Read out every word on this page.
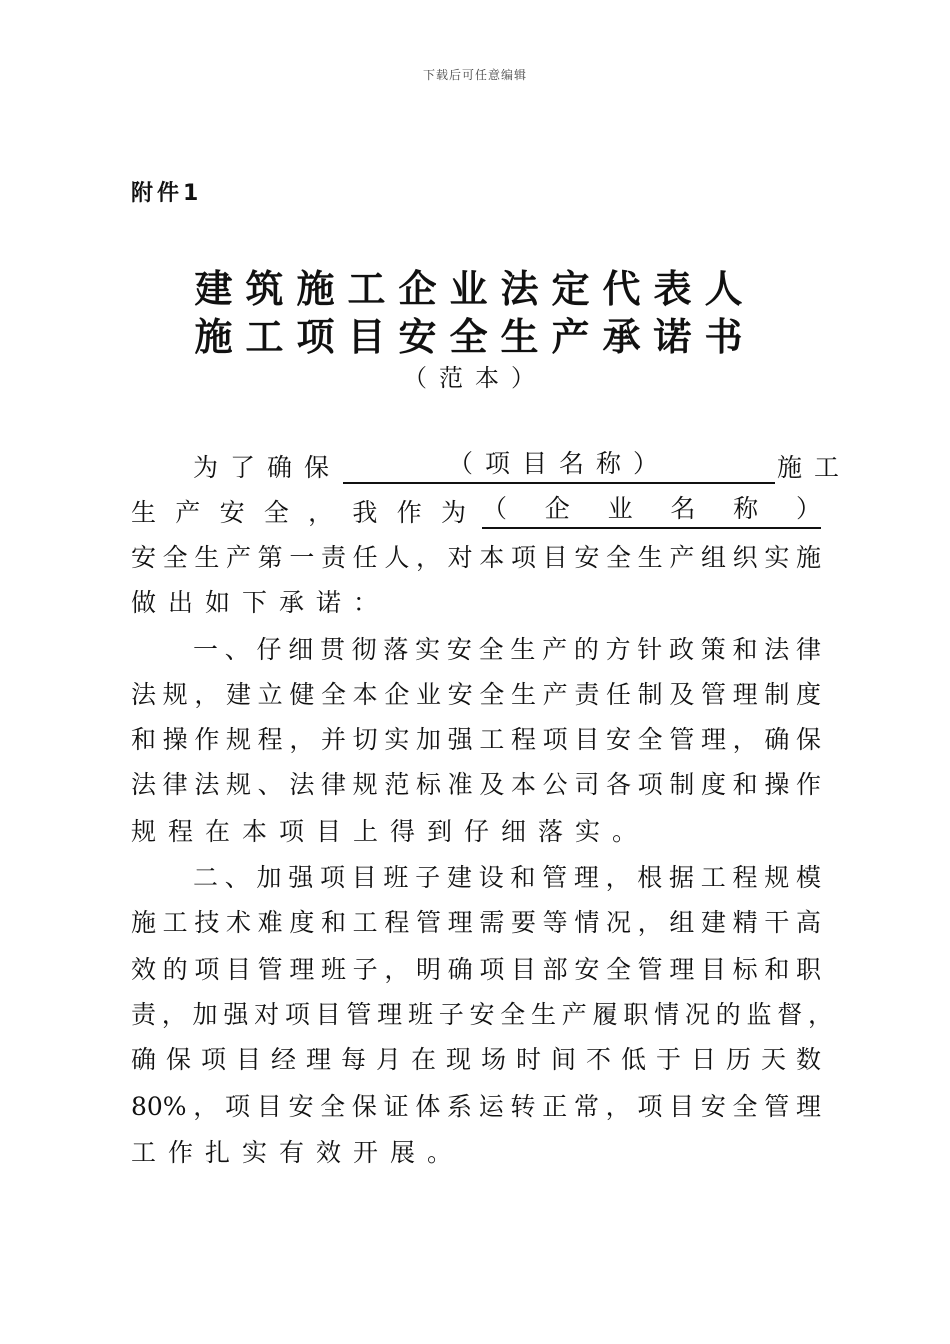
下载后可任意编辑
附件1
建筑施工企业法定代表人
施工项目安全生产承诺书
（范本）
为了确保	（项目名称）	施工
生产安全，我作为 （ 企 业 名 称 ）
安全生产第一责任人，对本项目安全生产组织实施
做出如下承诺：
一、仔细贯彻落实安全生产的方针政策和法律
法规，建立健全本企业安全生产责任制及管理制度
和操作规程，并切实加强工程项目安全管理，确保
法律法规、法律规范标准及本公司各项制度和操作
规程在本项目上得到仔细落实。
二、加强项目班子建设和管理，根据工程规模
施工技术难度和工程管理需要等情况，组建精干高
效的项目管理班子，明确项目部安全管理目标和职
责，加强对项目管理班子安全生产履职情况的监督，
确保项目经理每月在现场时间不低于日历天数
80%，项目安全保证体系运转正常，项目安全管理
工作扎实有效开展。
